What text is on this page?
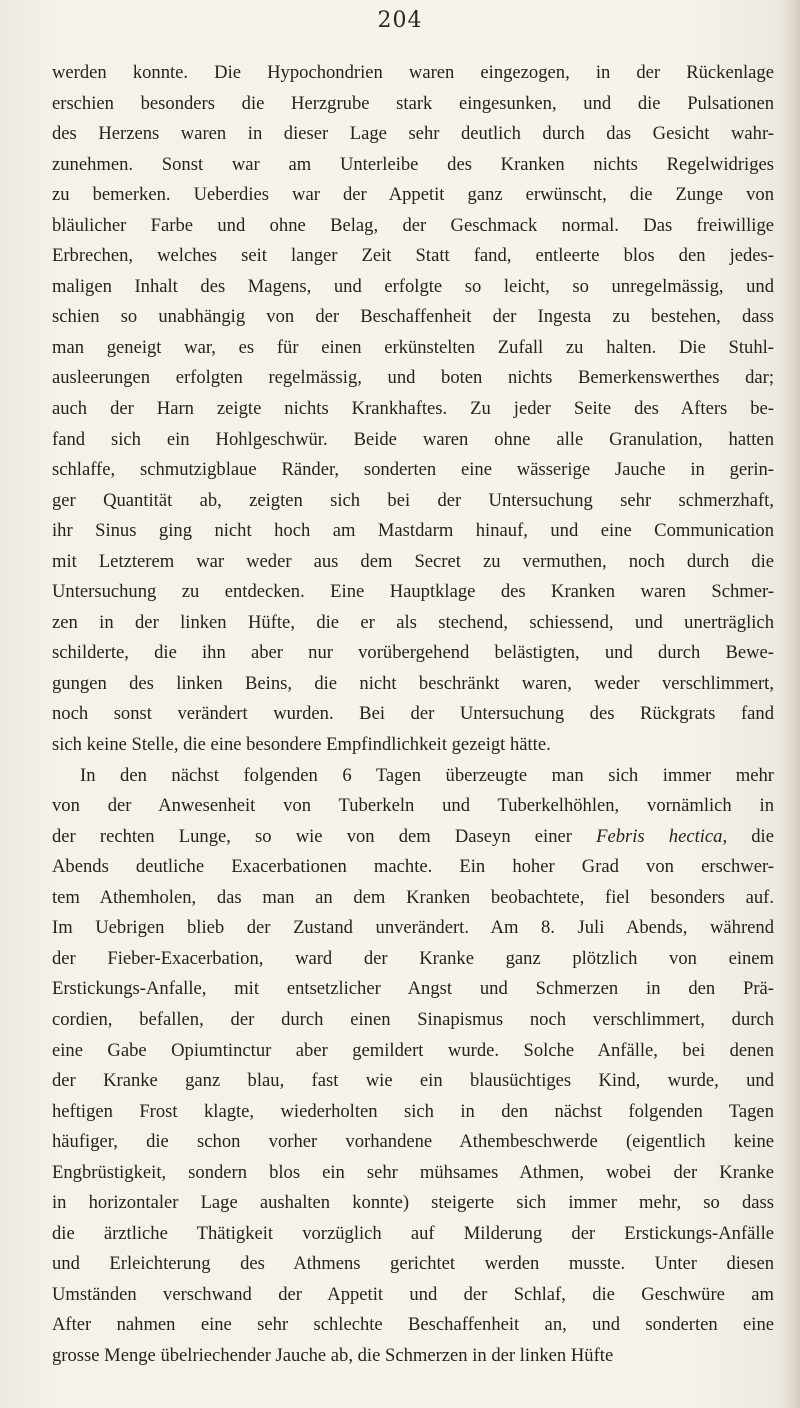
204

werden konnte. Die Hypochondrien waren eingezogen, in der Rückenlage
erschien besonders die Herzgrube stark eingesunken, und die Pulsationen
des Herzens waren in dieser Lage sehr deutlich durch das Gesicht wahr-
zunehmen. Sonst war am Unterleibe des Kranken nichts Regelwidriges
zu bemerken. Ueberdies war der Appetit ganz erwünscht, die Zunge von
bläulicher Farbe und ohne Belag, der Geschmack normal. Das freiwillige
Erbrechen, welches seit langer Zeit Statt fand, entleerte blos den jedes-
maligen Inhalt des Magens, und erfolgte so leicht, so unregelmässig, und
schien so unabhängig von der Beschaffenheit der Ingesta zu bestehen, dass
man geneigt war, es für einen erkünstelten Zufall zu halten. Die Stuhl-
ausleerungen erfolgten regelmässig, und boten nichts Bemerkenswerthes dar;
auch der Harn zeigte nichts Krankhaftes. Zu jeder Seite des Afters be-
fand sich ein Hohlgeschwür. Beide waren ohne alle Granulation, hatten
schlaffe, schmutzigblaue Ränder, sonderten eine wässerige Jauche in gerin-
ger Quantität ab, zeigten sich bei der Untersuchung sehr schmerzhaft,
ihr Sinus ging nicht hoch am Mastdarm hinauf, und eine Communication
mit Letzterem war weder aus dem Secret zu vermuthen, noch durch die
Untersuchung zu entdecken. Eine Hauptklage des Kranken waren Schmer-
zen in der linken Hüfte, die er als stechend, schiessend, und unerträglich
schilderte, die ihn aber nur vorübergehend belästigten, und durch Bewe-
gungen des linken Beins, die nicht beschränkt waren, weder verschlimmert,
noch sonst verändert wurden. Bei der Untersuchung des Rückgrats fand
sich keine Stelle, die eine besondere Empfindlichkeit gezeigt hätte.

In den nächst folgenden 6 Tagen überzeugte man sich immer mehr
von der Anwesenheit von Tuberkeln und Tuberkelhöhlen, vornämlich in
der rechten Lunge, so wie von dem Daseyn einer Febris hectica, die
Abends deutliche Exacerbationen machte. Ein hoher Grad von erschwer-
tem Athemholen, das man an dem Kranken beobachtete, fiel besonders auf.
Im Uebrigen blieb der Zustand unverändert. Am 8. Juli Abends, während
der Fieber-Exacerbation, ward der Kranke ganz plötzlich von einem
Erstickungs-Anfalle, mit entsetzlicher Angst und Schmerzen in den Prä-
cordien, befallen, der durch einen Sinapismus noch verschlimmert, durch
eine Gabe Opiumtinctur aber gemildert wurde. Solche Anfälle, bei denen
der Kranke ganz blau, fast wie ein blausüchtiges Kind, wurde, und
heftigen Frost klagte, wiederholten sich in den nächst folgenden Tagen
häufiger, die schon vorher vorhandene Athembeschwerde (eigentlich keine
Engbrüstigkeit, sondern blos ein sehr mühsames Athmen, wobei der Kranke
in horizontaler Lage aushalten konnte) steigerte sich immer mehr, so dass
die ärztliche Thätigkeit vorzüglich auf Milderung der Erstickungs-Anfälle
und Erleichterung des Athmens gerichtet werden musste. Unter diesen
Umständen verschwand der Appetit und der Schlaf, die Geschwüre am
After nahmen eine sehr schlechte Beschaffenheit an, und sonderten eine
grosse Menge übelriechender Jauche ab, die Schmerzen in der linken Hüfte
